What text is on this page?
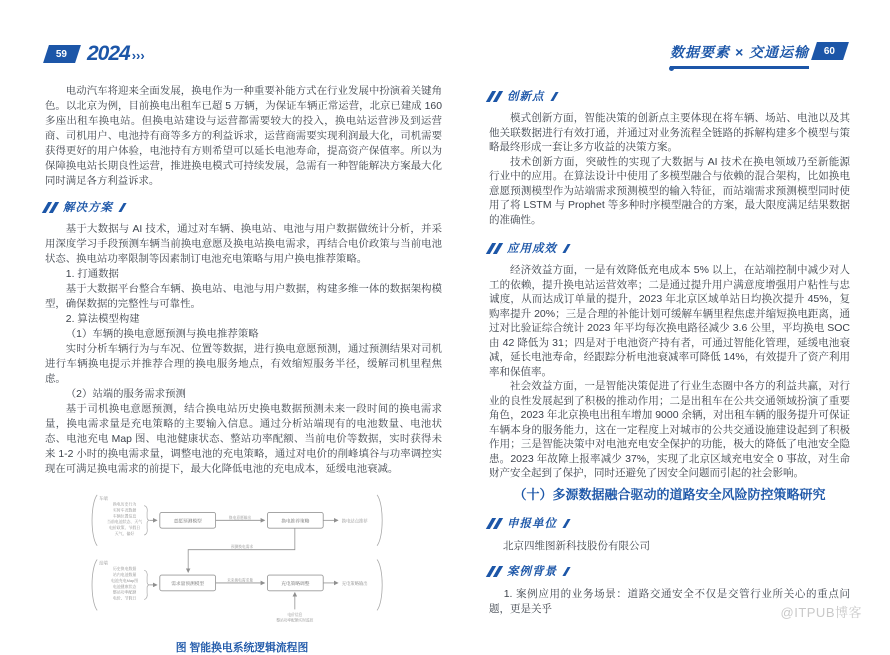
59 2024 ›››	数据要素 × 交通运输 60

电动汽车将迎来全面发展，换电作为一种重要补能方式在行业发展中扮演着关键角色。以北京为例，目前换电出租车已超 5 万辆，为保证车辆正常运营，北京已建成 160 多座出租车换电站。但换电站建设与运营都需要较大的投入，换电站运营涉及到运营商、司机用户、电池持有商等多方的利益诉求，运营商需要实现利润最大化，司机需要获得更好的用户体验，电池持有方则希望可以延长电池寿命，提高资产保值率。所以为保障换电站长期良性运营，推进换电模式可持续发展，急需有一种智能解决方案最大化同时满足各方利益诉求。

解决方案

基于大数据与 AI 技术，通过对车辆、换电站、电池与用户数据做统计分析，并采用深度学习手段预测车辆当前换电意愿及换电站换电需求，再结合电价政策与当前电池状态、换电站功率限制等因素制订电池充电策略与用户换电推荐策略。

1. 打通数据

基于大数据平台整合车辆、换电站、电池与用户数据，构建多维一体的数据架构模型，确保数据的完整性与可靠性。

2. 算法模型构建

（1）车辆的换电意愿预测与换电推荐策略

实时分析车辆行为与车况、位置等数据，进行换电意愿预测，通过预测结果对司机进行车辆换电提示并推荐合理的换电服务地点，有效缩短服务半径，缓解司机里程焦虑。

（2）站端的服务需求预测

基于司机换电意愿预测，结合换电站历史换电数据预测未来一段时间的换电需求量，换电需求量是充电策略的主要输入信息。通过分析站端现有的电池数量、电池状态、电池充电 Map 图、电池健康状态、整站功率配额、当前电价等数据，实时获得未来 1-2 小时的换电需求量，调整电池的充电策略，通过对电价的削峰填谷与功率调控实现在可满足换电需求的前提下，最大化降低电池的充电成本，延缓电池衰减。

车端
换电历史行为
实时车况数据
车辆位置信息
当前电池状态、天气
电价政策、节假日
天气、偏好
意愿预测模型
换电意愿输出
换电推荐策略	换电站点推荐
预测换电需求
站端
历史换电数据
站内电池数量
电池充电Map图
电池健康状态
整站功率配额
电价、节假日
需求量预测模型
未来换电需求量
充电策略调整	充电策略输出
电价信息
整站功率配额实时监控
图 智能换电系统逻辑流程图
创新点

模式创新方面，智能决策的创新点主要体现在将车辆、场站、电池以及其他关联数据进行有效打通，并通过对业务流程全链路的拆解构建多个模型与策略最终形成一套让多方收益的决策方案。

技术创新方面，突破性的实现了大数据与 AI 技术在换电领域乃至新能源行业中的应用。在算法设计中使用了多模型融合与依赖的混合架构，比如换电意愿预测模型作为站端需求预测模型的输入特征，而站端需求预测模型同时使用了将 LSTM 与 Prophet 等多种时序模型融合的方案，最大限度满足结果数据的准确性。

应用成效

经济效益方面，一是有效降低充电成本 5% 以上，在站端控制中减少对人工的依赖，提升换电站运营效率；二是通过提升用户满意度增强用户粘性与忠诚度，从而达成订单量的提升，2023 年北京区域单站日均换次提升 45%，复购率提升 20%；三是合理的补能计划可缓解车辆里程焦虑并缩短换电距离，通过对比验证综合统计 2023 年平均每次换电路径减少 3.6 公里，平均换电 SOC 由 42 降低为 31；四是对于电池资产持有者，可通过智能化管理，延缓电池衰减，延长电池寿命，经跟踪分析电池衰减率可降低 14%，有效提升了资产利用率和保值率。

社会效益方面，一是智能决策促进了行业生态圈中各方的利益共赢，对行业的良性发展起到了积极的推动作用；二是出租车在公共交通领域扮演了重要角色，2023 年北京换电出租车增加 9000 余辆，对出租车辆的服务提升可保证车辆本身的服务能力，这在一定程度上对城市的公共交通设施建设起到了积极作用；三是智能决策中对电池充电安全保护的功能，极大的降低了电池安全隐患。2023 年故障上报率减少 37%，实现了北京区域充电安全 0 事故，对生命财产安全起到了保护，同时还避免了因安全问题而引起的社会影响。

（十）多源数据融合驱动的道路安全风险防控策略研究

申报单位

北京四维图新科技股份有限公司

案例背景

1. 案例应用的业务场景：道路交通安全不仅是交管行业所关心的重点问题，更是关乎	@ITPUB博客
